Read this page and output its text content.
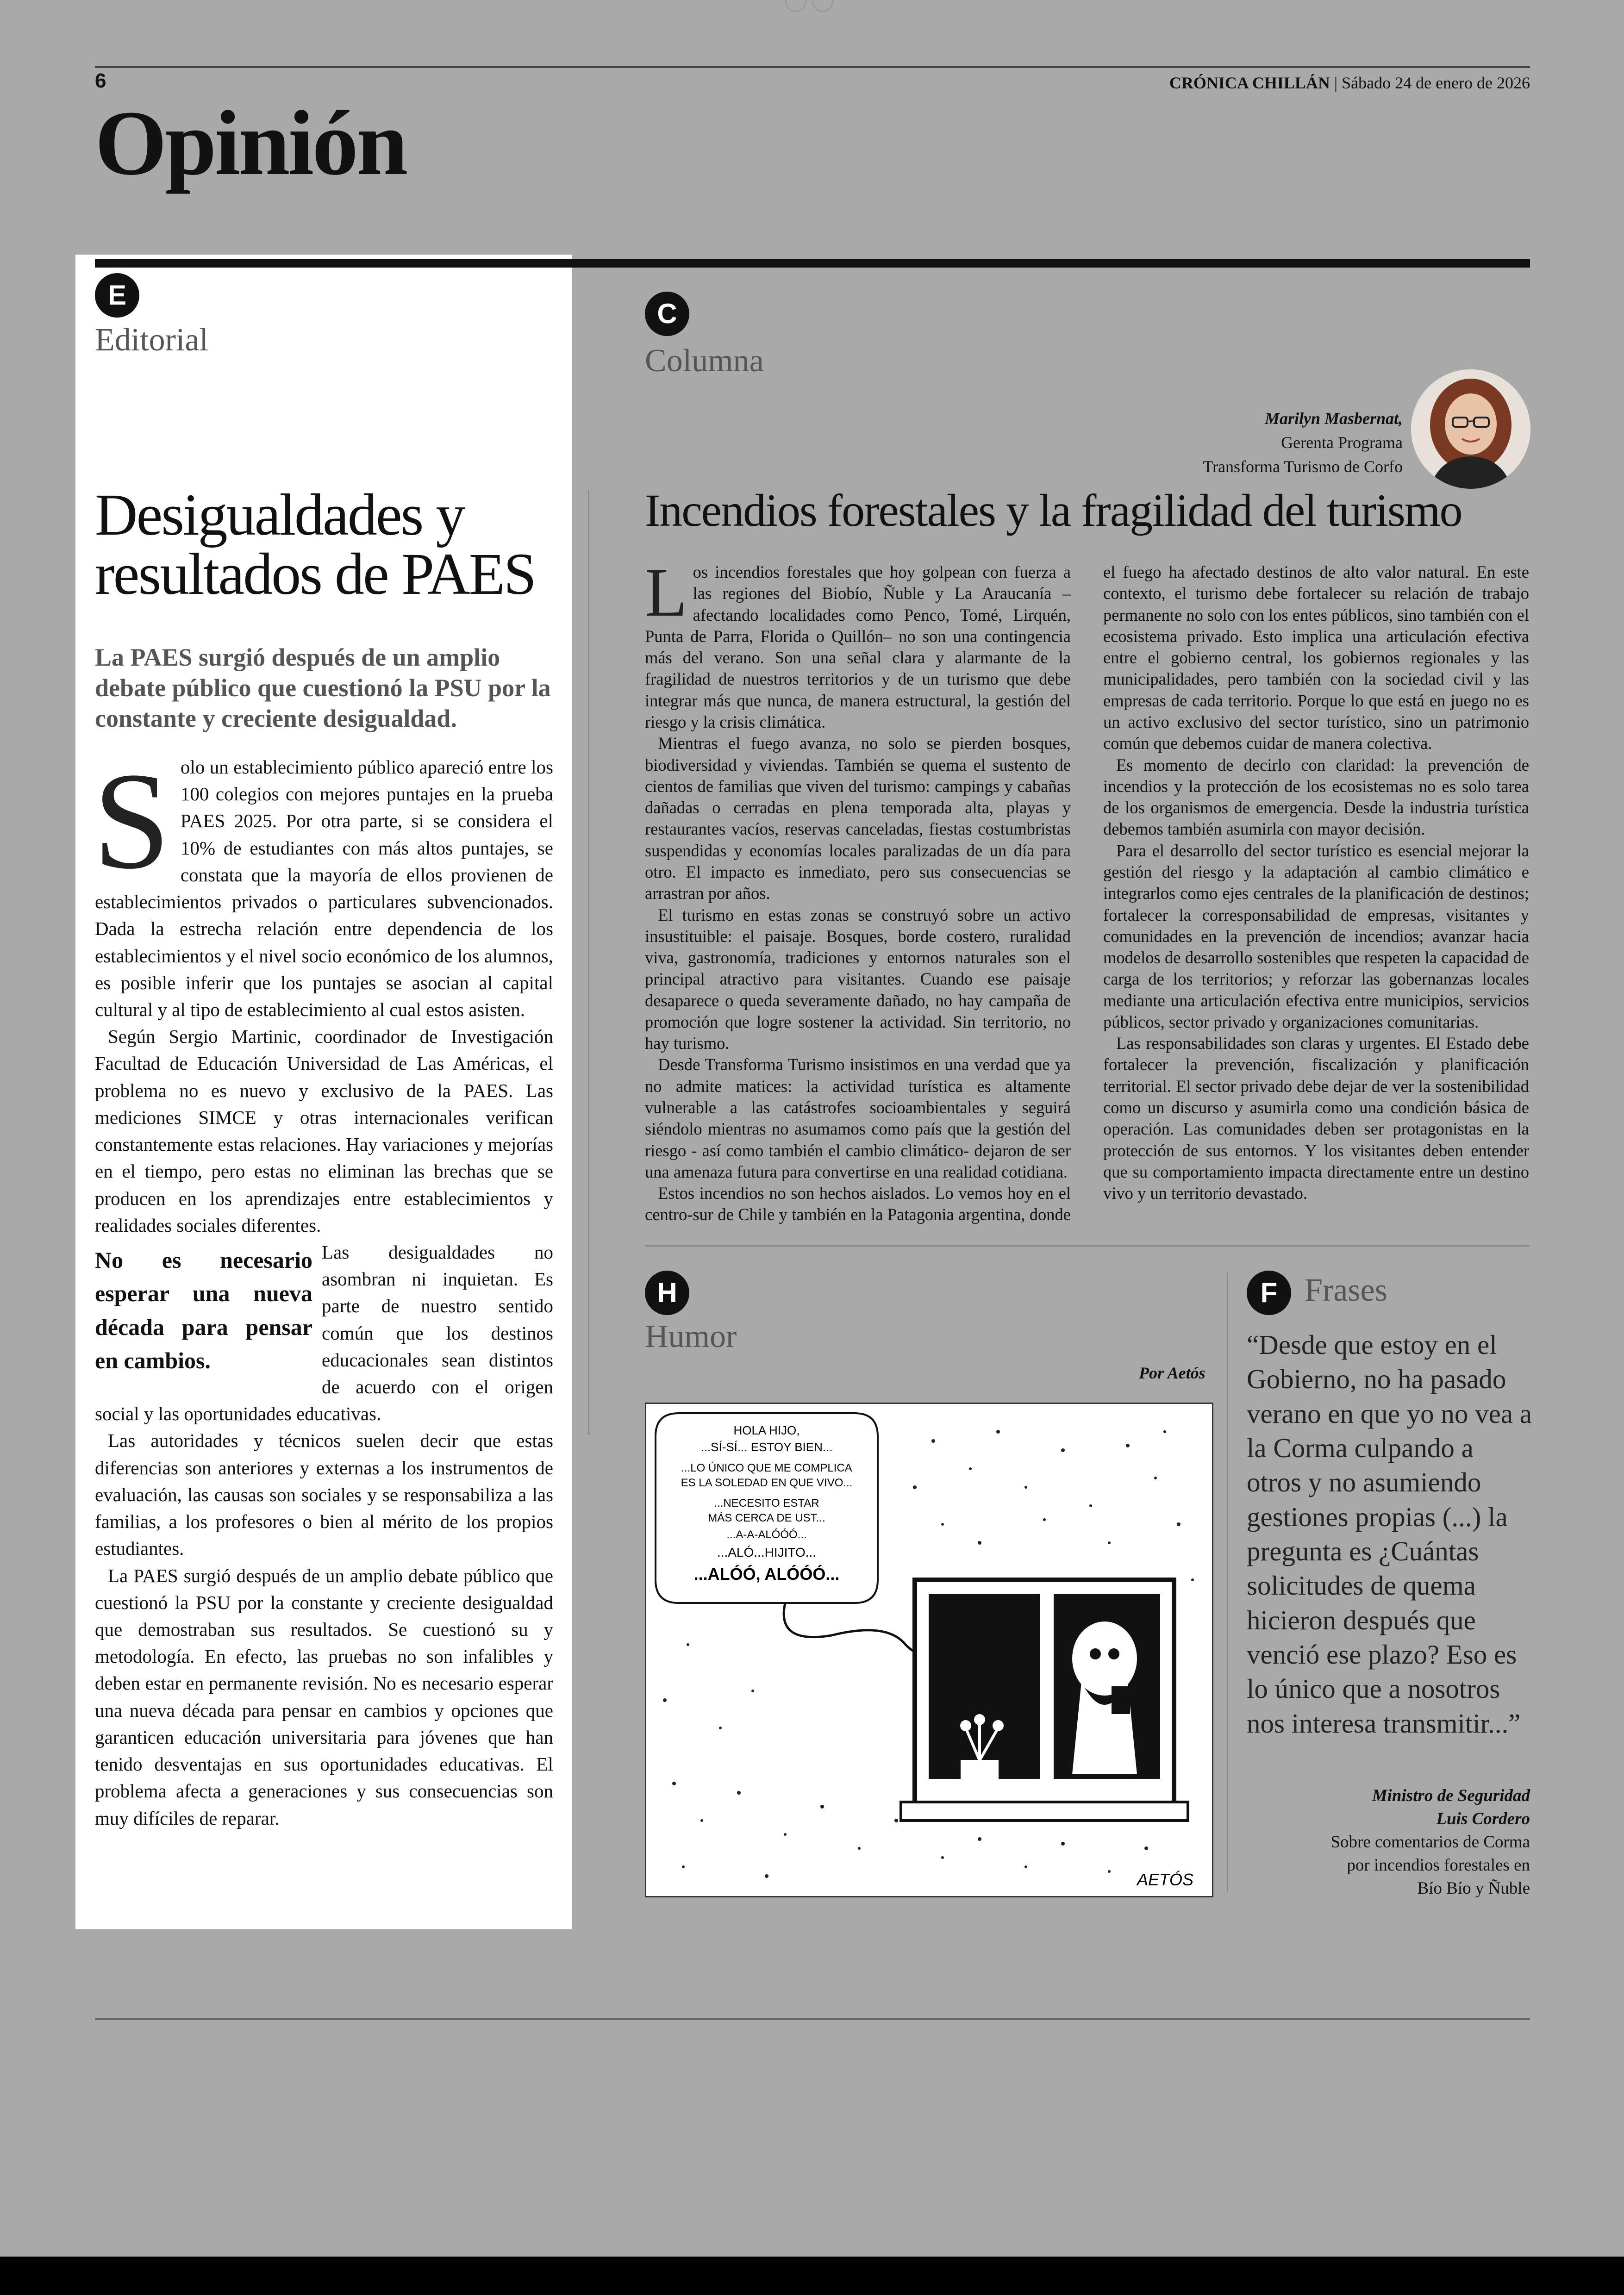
6	CRÓNICA CHILLÁN | Sábado 24 de enero de 2026
Opinión
E
Editorial
Desigualdades y resultados de PAES
La PAES surgió después de un amplio debate público que cuestionó la PSU por la constante y creciente desigualdad.

Solo un establecimiento público apareció entre los 100 colegios con mejores puntajes en la prueba PAES 2025. Por otra parte, si se considera el 10% de estudiantes con más altos puntajes, se constata que la mayoría de ellos provienen de establecimientos privados o particulares subvencionados. Dada la estrecha relación entre dependencia de los establecimientos y el nivel socio económico de los alumnos, es posible inferir que los puntajes se asocian al capital cultural y al tipo de establecimiento al cual estos asisten.

Según Sergio Martinic, coordinador de Investigación Facultad de Educación Universidad de Las Américas, el problema no es nuevo y exclusivo de la PAES. Las mediciones SIMCE y otras internacionales verifican constantemente estas relaciones. Hay variaciones y mejorías en el tiempo, pero estas no eliminan las brechas que se producen en los aprendizajes entre establecimientos y realidades sociales diferentes.

No es necesario esperar una nueva década para pensar en cambios.
Las desigualdades no asombran ni inquietan. Es parte de nuestro sentido común que los destinos educacionales sean distintos de acuerdo con el origen social y las oportunidades educativas.

Las autoridades y técnicos suelen decir que estas diferencias son anteriores y externas a los instrumentos de evaluación, las causas son sociales y se responsabiliza a las familias, a los profesores o bien al mérito de los propios estudiantes.

La PAES surgió después de un amplio debate público que cuestionó la PSU por la constante y creciente desigualdad que demostraban sus resultados. Se cuestionó su y metodología. En efecto, las pruebas no son infalibles y deben estar en permanente revisión. No es necesario esperar una nueva década para pensar en cambios y opciones que garanticen educación universitaria para jóvenes que han tenido desventajas en sus oportunidades educativas. El problema afecta a generaciones y sus consecuencias son muy difíciles de reparar.

C
Columna
Marilyn Masbernat,
Gerenta Programa
Transforma Turismo de Corfo
Incendios forestales y la fragilidad del turismo

Los incendios forestales que hoy golpean con fuerza a las regiones del Biobío, Ñuble y La Araucanía –afectando localidades como Penco, Tomé, Lirquén, Punta de Parra, Florida o Quillón– no son una contingencia más del verano. Son una señal clara y alarmante de la fragilidad de nuestros territorios y de un turismo que debe integrar más que nunca, de manera estructural, la gestión del riesgo y la crisis climática.

Mientras el fuego avanza, no solo se pierden bosques, biodiversidad y viviendas. También se quema el sustento de cientos de familias que viven del turismo: campings y cabañas dañadas o cerradas en plena temporada alta, playas y restaurantes vacíos, reservas canceladas, fiestas costumbristas suspendidas y economías locales paralizadas de un día para otro. El impacto es inmediato, pero sus consecuencias se arrastran por años.

El turismo en estas zonas se construyó sobre un activo insustituible: el paisaje. Bosques, borde costero, ruralidad viva, gastronomía, tradiciones y entornos naturales son el principal atractivo para visitantes. Cuando ese paisaje desaparece o queda severamente dañado, no hay campaña de promoción que logre sostener la actividad. Sin territorio, no hay turismo.

Desde Transforma Turismo insistimos en una verdad que ya no admite matices: la actividad turística es altamente vulnerable a las catástrofes socioambientales y seguirá siéndolo mientras no asumamos como país que la gestión del riesgo - así como también el cambio climático- dejaron de ser una amenaza futura para convertirse en una realidad cotidiana.

Estos incendios no son hechos aislados. Lo vemos hoy en el centro-sur de Chile y también en la Patagonia argentina, donde el fuego ha afectado destinos de alto valor natural. En este contexto, el turismo debe fortalecer su relación de trabajo permanente no solo con los entes públicos, sino también con el ecosistema privado. Esto implica una articulación efectiva entre el gobierno central, los gobiernos regionales y las municipalidades, pero también con la sociedad civil y las empresas de cada territorio. Porque lo que está en juego no es un activo exclusivo del sector turístico, sino un patrimonio común que debemos cuidar de manera colectiva.

Es momento de decirlo con claridad: la prevención de incendios y la protección de los ecosistemas no es solo tarea de los organismos de emergencia. Desde la industria turística debemos también asumirla con mayor decisión.

Para el desarrollo del sector turístico es esencial mejorar la gestión del riesgo y la adaptación al cambio climático e integrarlos como ejes centrales de la planificación de destinos; fortalecer la corresponsabilidad de empresas, visitantes y comunidades en la prevención de incendios; avanzar hacia modelos de desarrollo sostenibles que respeten la capacidad de carga de los territorios; y reforzar las gobernanzas locales mediante una articulación efectiva entre municipios, servicios públicos, sector privado y organizaciones comunitarias.

Las responsabilidades son claras y urgentes. El Estado debe fortalecer la prevención, fiscalización y planificación territorial. El sector privado debe dejar de ver la sostenibilidad como un discurso y asumirla como una condición básica de operación. Las comunidades deben ser protagonistas en la protección de sus entornos. Y los visitantes deben entender que su comportamiento impacta directamente entre un destino vivo y un territorio devastado.

H
Humor
Por Aetós
HOLA HIJO,
...SÍ-SÍ... ESTOY BIEN...
...LO ÚNICO QUE ME COMPLICA
ES LA SOLEDAD EN QUE VIVO...
...NECESITO ESTAR
MÁS CERCA DE UST...
...A-A-ALÓÓÓ...
...ALÓ...HIJITO...
...ALÓÓ, ALÓÓÓ...
AETÓS
F Frases
“Desde que estoy en el Gobierno, no ha pasado verano en que yo no vea a la Corma culpando a otros y no asumiendo gestiones propias (...) la pregunta es ¿Cuántas solicitudes de quema hicieron después que venció ese plazo? Eso es lo único que a nosotros nos interesa transmitir...”
Ministro de Seguridad
Luis Cordero
Sobre comentarios de Corma
por incendios forestales en
Bío Bío y Ñuble
